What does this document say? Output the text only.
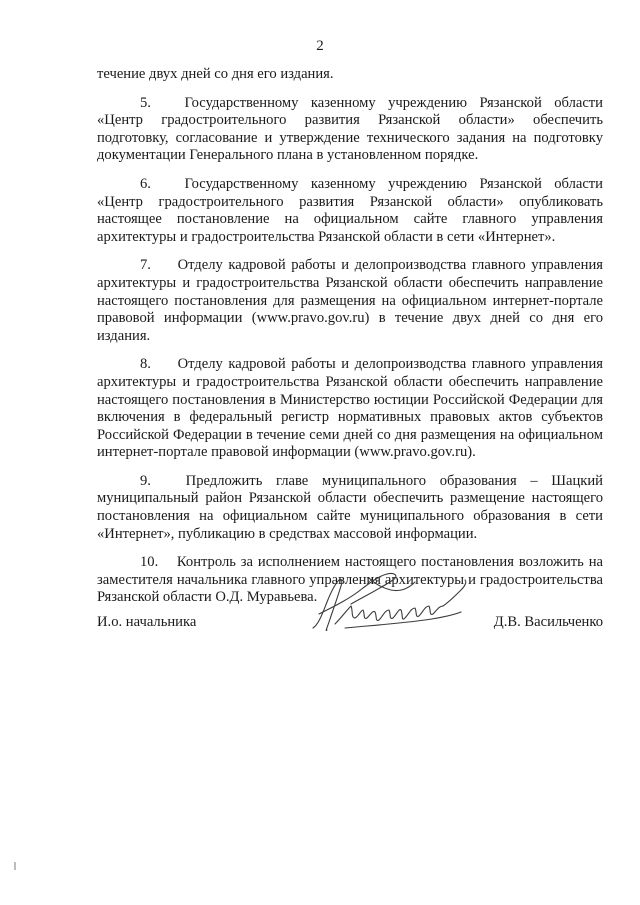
2

течение двух дней со дня его издания.

5. Государственному казенному учреждению Рязанской области «Центр градостроительного развития Рязанской области» обеспечить подготовку, согласование и утверждение технического задания на подготовку документации Генерального плана в установленном порядке.

6. Государственному казенному учреждению Рязанской области «Центр градостроительного развития Рязанской области» опубликовать настоящее постановление на официальном сайте главного управления архитектуры и градостроительства Рязанской области в сети «Интернет».

7. Отделу кадровой работы и делопроизводства главного управления архитектуры и градостроительства Рязанской области обеспечить направление настоящего постановления для размещения на официальном интернет-портале правовой информации (www.pravo.gov.ru) в течение двух дней со дня его издания.

8. Отделу кадровой работы и делопроизводства главного управления архитектуры и градостроительства Рязанской области обеспечить направление настоящего постановления в Министерство юстиции Российской Федерации для включения в федеральный регистр нормативных правовых актов субъектов Российской Федерации в течение семи дней со дня размещения на официальном интернет-портале правовой информации (www.pravo.gov.ru).

9. Предложить главе муниципального образования – Шацкий муниципальный район Рязанской области обеспечить размещение настоящего постановления на официальном сайте муниципального образования в сети «Интернет», публикацию в средствах массовой информации.

10. Контроль за исполнением настоящего постановления возложить на заместителя начальника главного управления архитектуры и градостроительства Рязанской области О.Д. Муравьева.

И.о. начальника	Д.В. Васильченко
